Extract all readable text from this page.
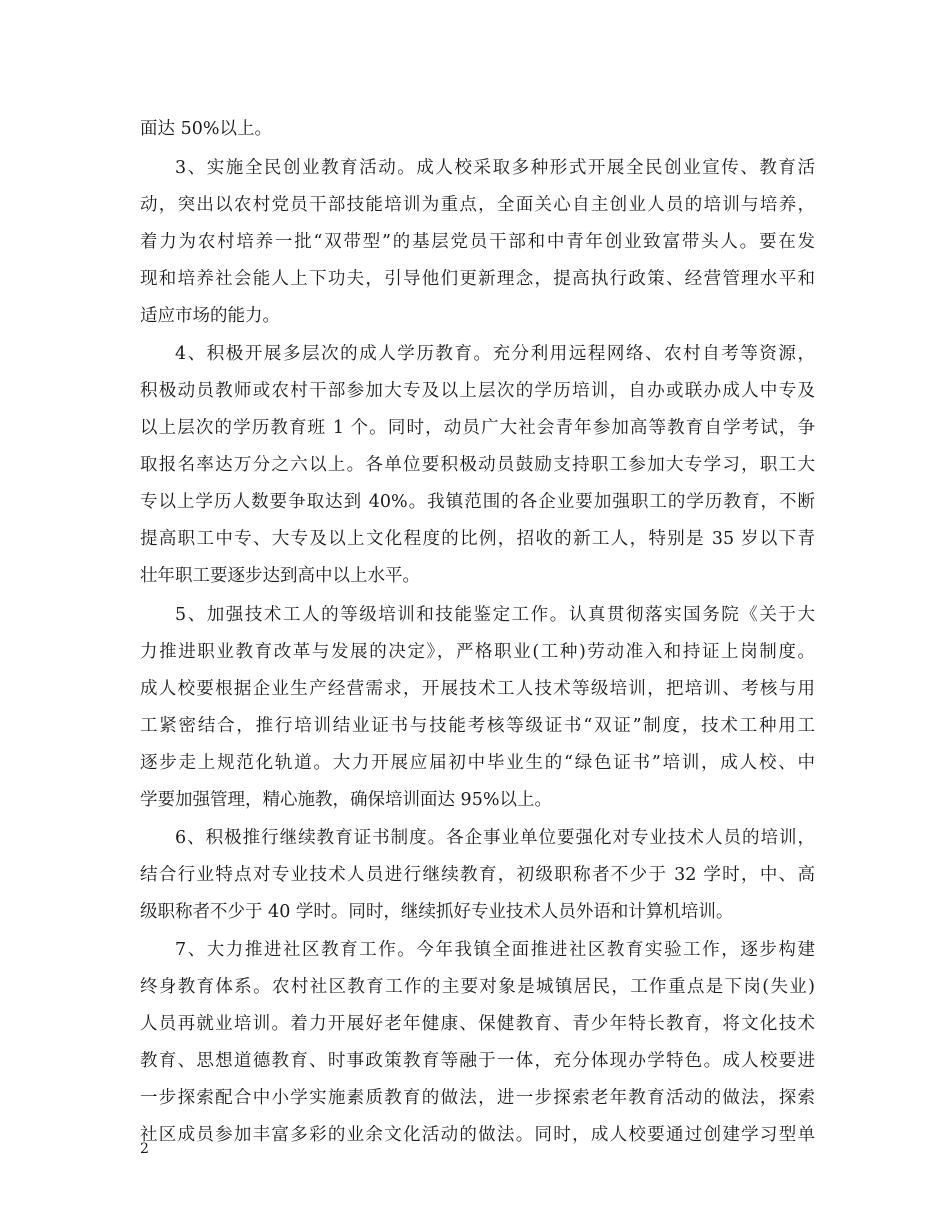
面达 50%以上。
3、实施全民创业教育活动。成人校采取多种形式开展全民创业宣传、教育活
动，突出以农村党员干部技能培训为重点，全面关心自主创业人员的培训与培养，
着力为农村培养一批“双带型”的基层党员干部和中青年创业致富带头人。要在发
现和培养社会能人上下功夫，引导他们更新理念，提高执行政策、经营管理水平和
适应市场的能力。
4、积极开展多层次的成人学历教育。充分利用远程网络、农村自考等资源，
积极动员教师或农村干部参加大专及以上层次的学历培训，自办或联办成人中专及
以上层次的学历教育班 1 个。同时，动员广大社会青年参加高等教育自学考试，争
取报名率达万分之六以上。各单位要积极动员鼓励支持职工参加大专学习，职工大
专以上学历人数要争取达到 40%。我镇范围的各企业要加强职工的学历教育，不断
提高职工中专、大专及以上文化程度的比例，招收的新工人，特别是 35 岁以下青
壮年职工要逐步达到高中以上水平。
5、加强技术工人的等级培训和技能鉴定工作。认真贯彻落实国务院《关于大
力推进职业教育改革与发展的决定》，严格职业(工种)劳动准入和持证上岗制度。
成人校要根据企业生产经营需求，开展技术工人技术等级培训，把培训、考核与用
工紧密结合，推行培训结业证书与技能考核等级证书“双证”制度，技术工种用工
逐步走上规范化轨道。大力开展应届初中毕业生的“绿色证书”培训，成人校、中
学要加强管理，精心施教，确保培训面达 95%以上。
6、积极推行继续教育证书制度。各企事业单位要强化对专业技术人员的培训，
结合行业特点对专业技术人员进行继续教育，初级职称者不少于 32 学时，中、高
级职称者不少于 40 学时。同时，继续抓好专业技术人员外语和计算机培训。
7、大力推进社区教育工作。今年我镇全面推进社区教育实验工作，逐步构建
终身教育体系。农村社区教育工作的主要对象是城镇居民，工作重点是下岗(失业)
人员再就业培训。着力开展好老年健康、保健教育、青少年特长教育，将文化技术
教育、思想道德教育、时事政策教育等融于一体，充分体现办学特色。成人校要进
一步探索配合中小学实施素质教育的做法，进一步探索老年教育活动的做法，探索
社区成员参加丰富多彩的业余文化活动的做法。同时，成人校要通过创建学习型单
2
